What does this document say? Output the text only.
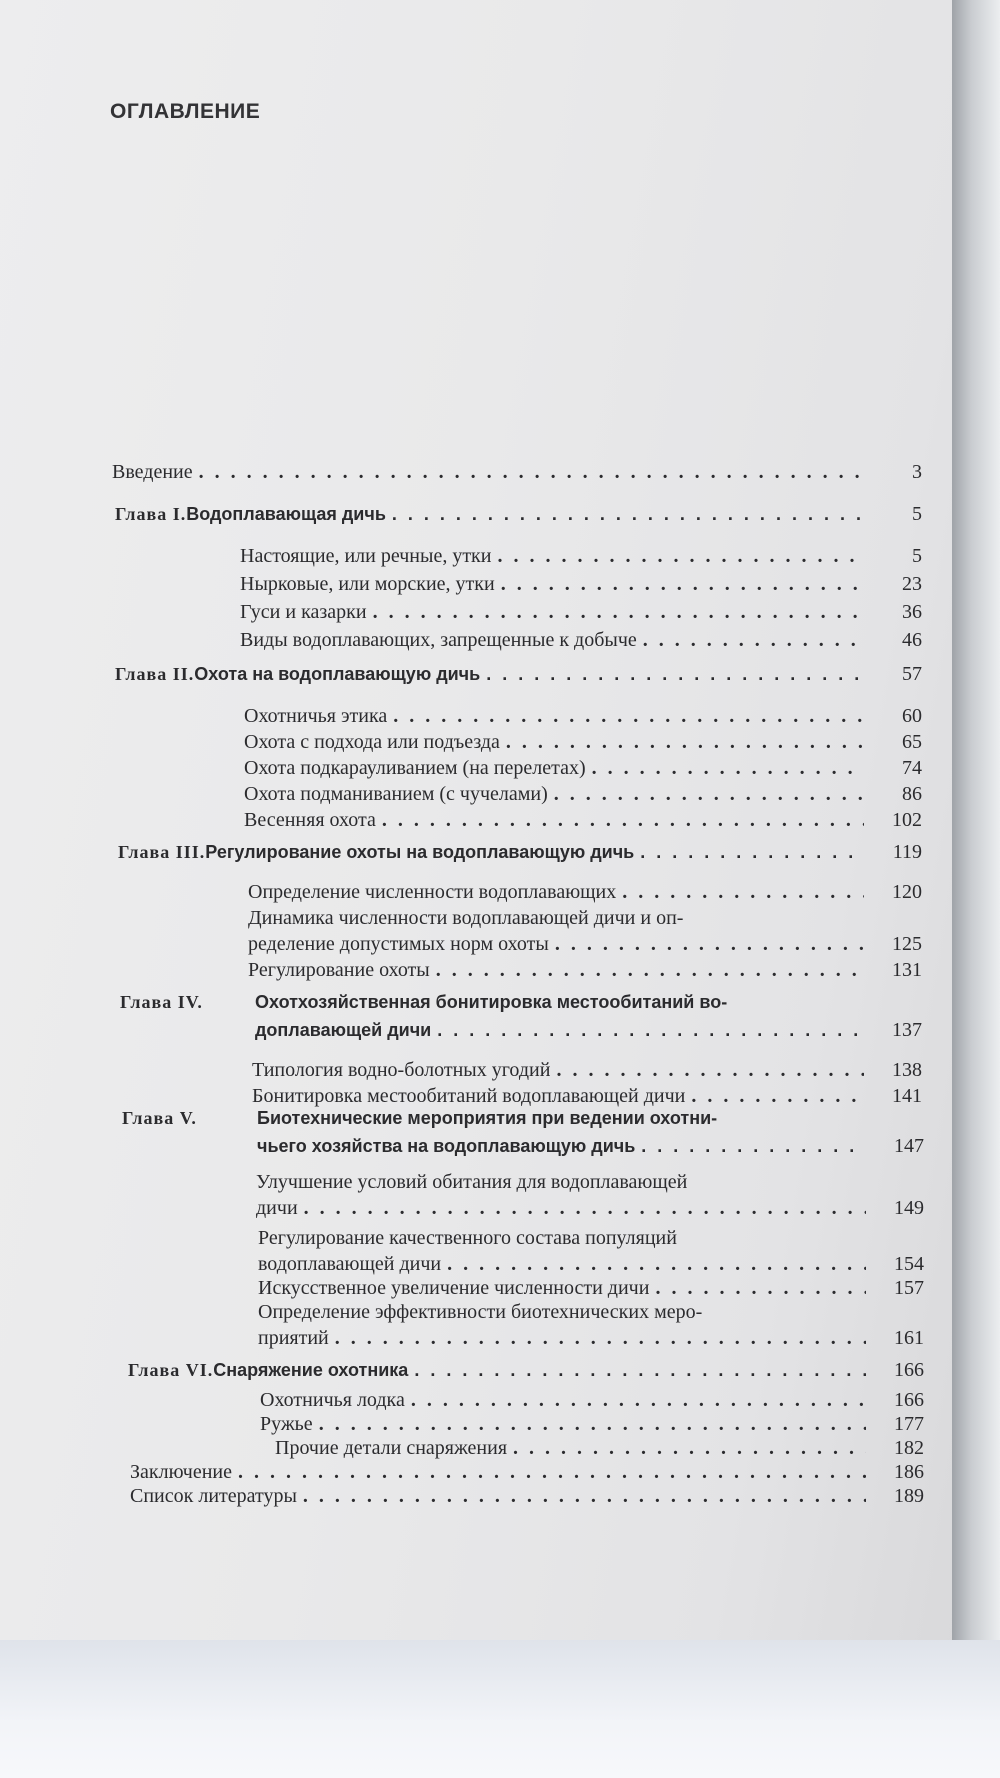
ОГЛАВЛЕНИЕ
Введение . . .	3
Глава I. Водоплавающая дичь . . .	5
Настоящие, или речные, утки . . .	5
Нырковые, или морские, утки . . .	23
Гуси и казарки . . .	36
Виды водоплавающих, запрещенные к добыче . . .	46
Глава II. Охота на водоплавающую дичь . . .	57
Охотничья этика . . .	60
Охота с подхода или подъезда . . .	65
Охота подкарауливанием (на перелетах) . . .	74
Охота подманиванием (с чучелами) . . .	86
Весенняя охота . . .	102
Глава III. Регулирование охоты на водоплавающую дичь . . .	119
Определение численности водоплавающих . . .	120
Динамика численности водоплавающей дичи и оп-
ределение допустимых норм охоты . . .	125
Регулирование охоты . . .	131
Глава IV.	Охотхозяйственная бонитировка местообитаний во-
доплавающей дичи . . .	137
Типология водно-болотных угодий . . .	138
Бонитировка местообитаний водоплавающей дичи . . .	141
Глава V.	Биотехнические мероприятия при ведении охотни-
чьего хозяйства на водоплавающую дичь . . .	147
Улучшение условий обитания для водоплавающей
дичи . . .	149
Регулирование качественного состава популяций
водоплавающей дичи . . .	154
Искусственное увеличение численности дичи . . .	157
Определение эффективности биотехнических меро-
приятий . . .	161
Глава VI. Снаряжение охотника . . .	166
Охотничья лодка . . .	166
Ружье . . .	177
Прочие детали снаряжения . . .	182
Заключение . . .	186
Список литературы . . .	189
